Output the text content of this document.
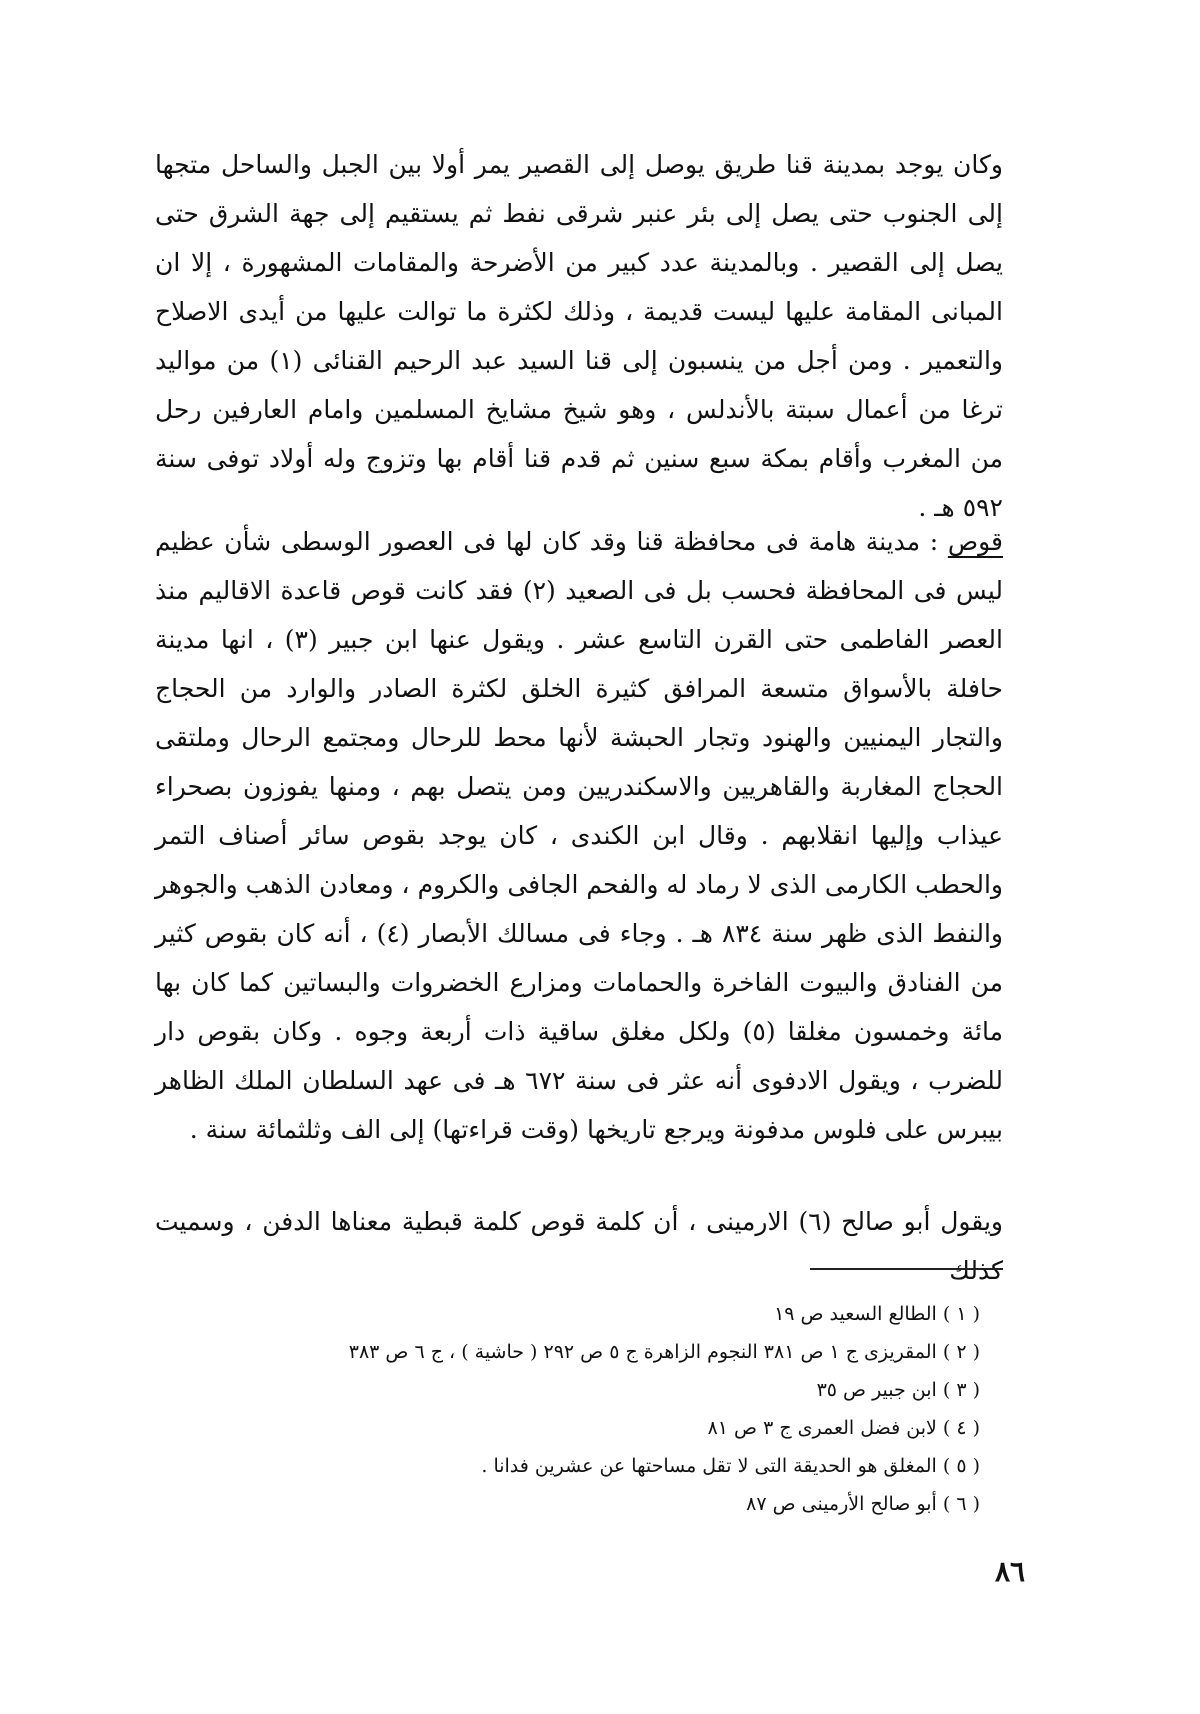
وكان يوجد بمدينة قنا طريق يوصل إلى القصير يمر أولا بين الجبل والساحل متجها إلى الجنوب حتى يصل إلى بئر عنبر شرقى نفط ثم يستقيم إلى جهة الشرق حتى يصل إلى القصير . وبالمدينة عدد كبير من الأضرحة والمقامات المشهورة ، إلا ان المبانى المقامة عليها ليست قديمة ، وذلك لكثرة ما توالت عليها من أيدى الاصلاح والتعمير . ومن أجل من ينسبون إلى قنا السيد عبد الرحيم القنائى (١) من مواليد ترغا من أعمال سبتة بالأندلس ، وهو شيخ مشايخ المسلمين وامام العارفين رحل من المغرب وأقام بمكة سبع سنين ثم قدم قنا أقام بها وتزوج وله أولاد توفى سنة ٥٩٢ هـ .

قوص : مدينة هامة فى محافظة قنا وقد كان لها فى العصور الوسطى شأن عظيم ليس فى المحافظة فحسب بل فى الصعيد (٢) فقد كانت قوص قاعدة الاقاليم منذ العصر الفاطمى حتى القرن التاسع عشر . ويقول عنها ابن جبير (٣) ، انها مدينة حافلة بالأسواق متسعة المرافق كثيرة الخلق لكثرة الصادر والوارد من الحجاج والتجار اليمنيين والهنود وتجار الحبشة لأنها محط للرحال ومجتمع الرحال وملتقى الحجاج المغاربة والقاهريين والاسكندريين ومن يتصل بهم ، ومنها يفوزون بصحراء عيذاب وإليها انقلابهم . وقال ابن الكندى ، كان يوجد بقوص سائر أصناف التمر والحطب الكارمى الذى لا رماد له والفحم الجافى والكروم ، ومعادن الذهب والجوهر والنفط الذى ظهر سنة ٨٣٤ هـ . وجاء فى مسالك الأبصار (٤) ، أنه كان بقوص كثير من الفنادق والبيوت الفاخرة والحمامات ومزارع الخضروات والبساتين كما كان بها مائة وخمسون مغلقا (٥) ولكل مغلق ساقية ذات أربعة وجوه . وكان بقوص دار للضرب ، ويقول الادفوى أنه عثر فى سنة ٦٧٢ هـ فى عهد السلطان الملك الظاهر بيبرس على فلوس مدفونة ويرجع تاريخها (وقت قراءتها) إلى الف وثلثمائة سنة .

ويقول أبو صالح (٦) الارمينى ، أن كلمة قوص كلمة قبطية معناها الدفن ، وسميت كذلك

( ١ ) الطالع السعيد ص ١٩
( ٢ ) المقريزى ج ١ ص ٣٨١ النجوم الزاهرة ج ٥ ص ٢٩٢ ( حاشية ) ، ج ٦ ص ٣٨٣
( ٣ ) ابن جبير ص ٣٥
( ٤ ) لابن فضل العمرى ج ٣ ص ٨١
( ٥ ) المغلق هو الحديقة التى لا تقل مساحتها عن عشرين فدانا .
( ٦ ) أبو صالح الأرمينى ص ٨٧
٨٦
